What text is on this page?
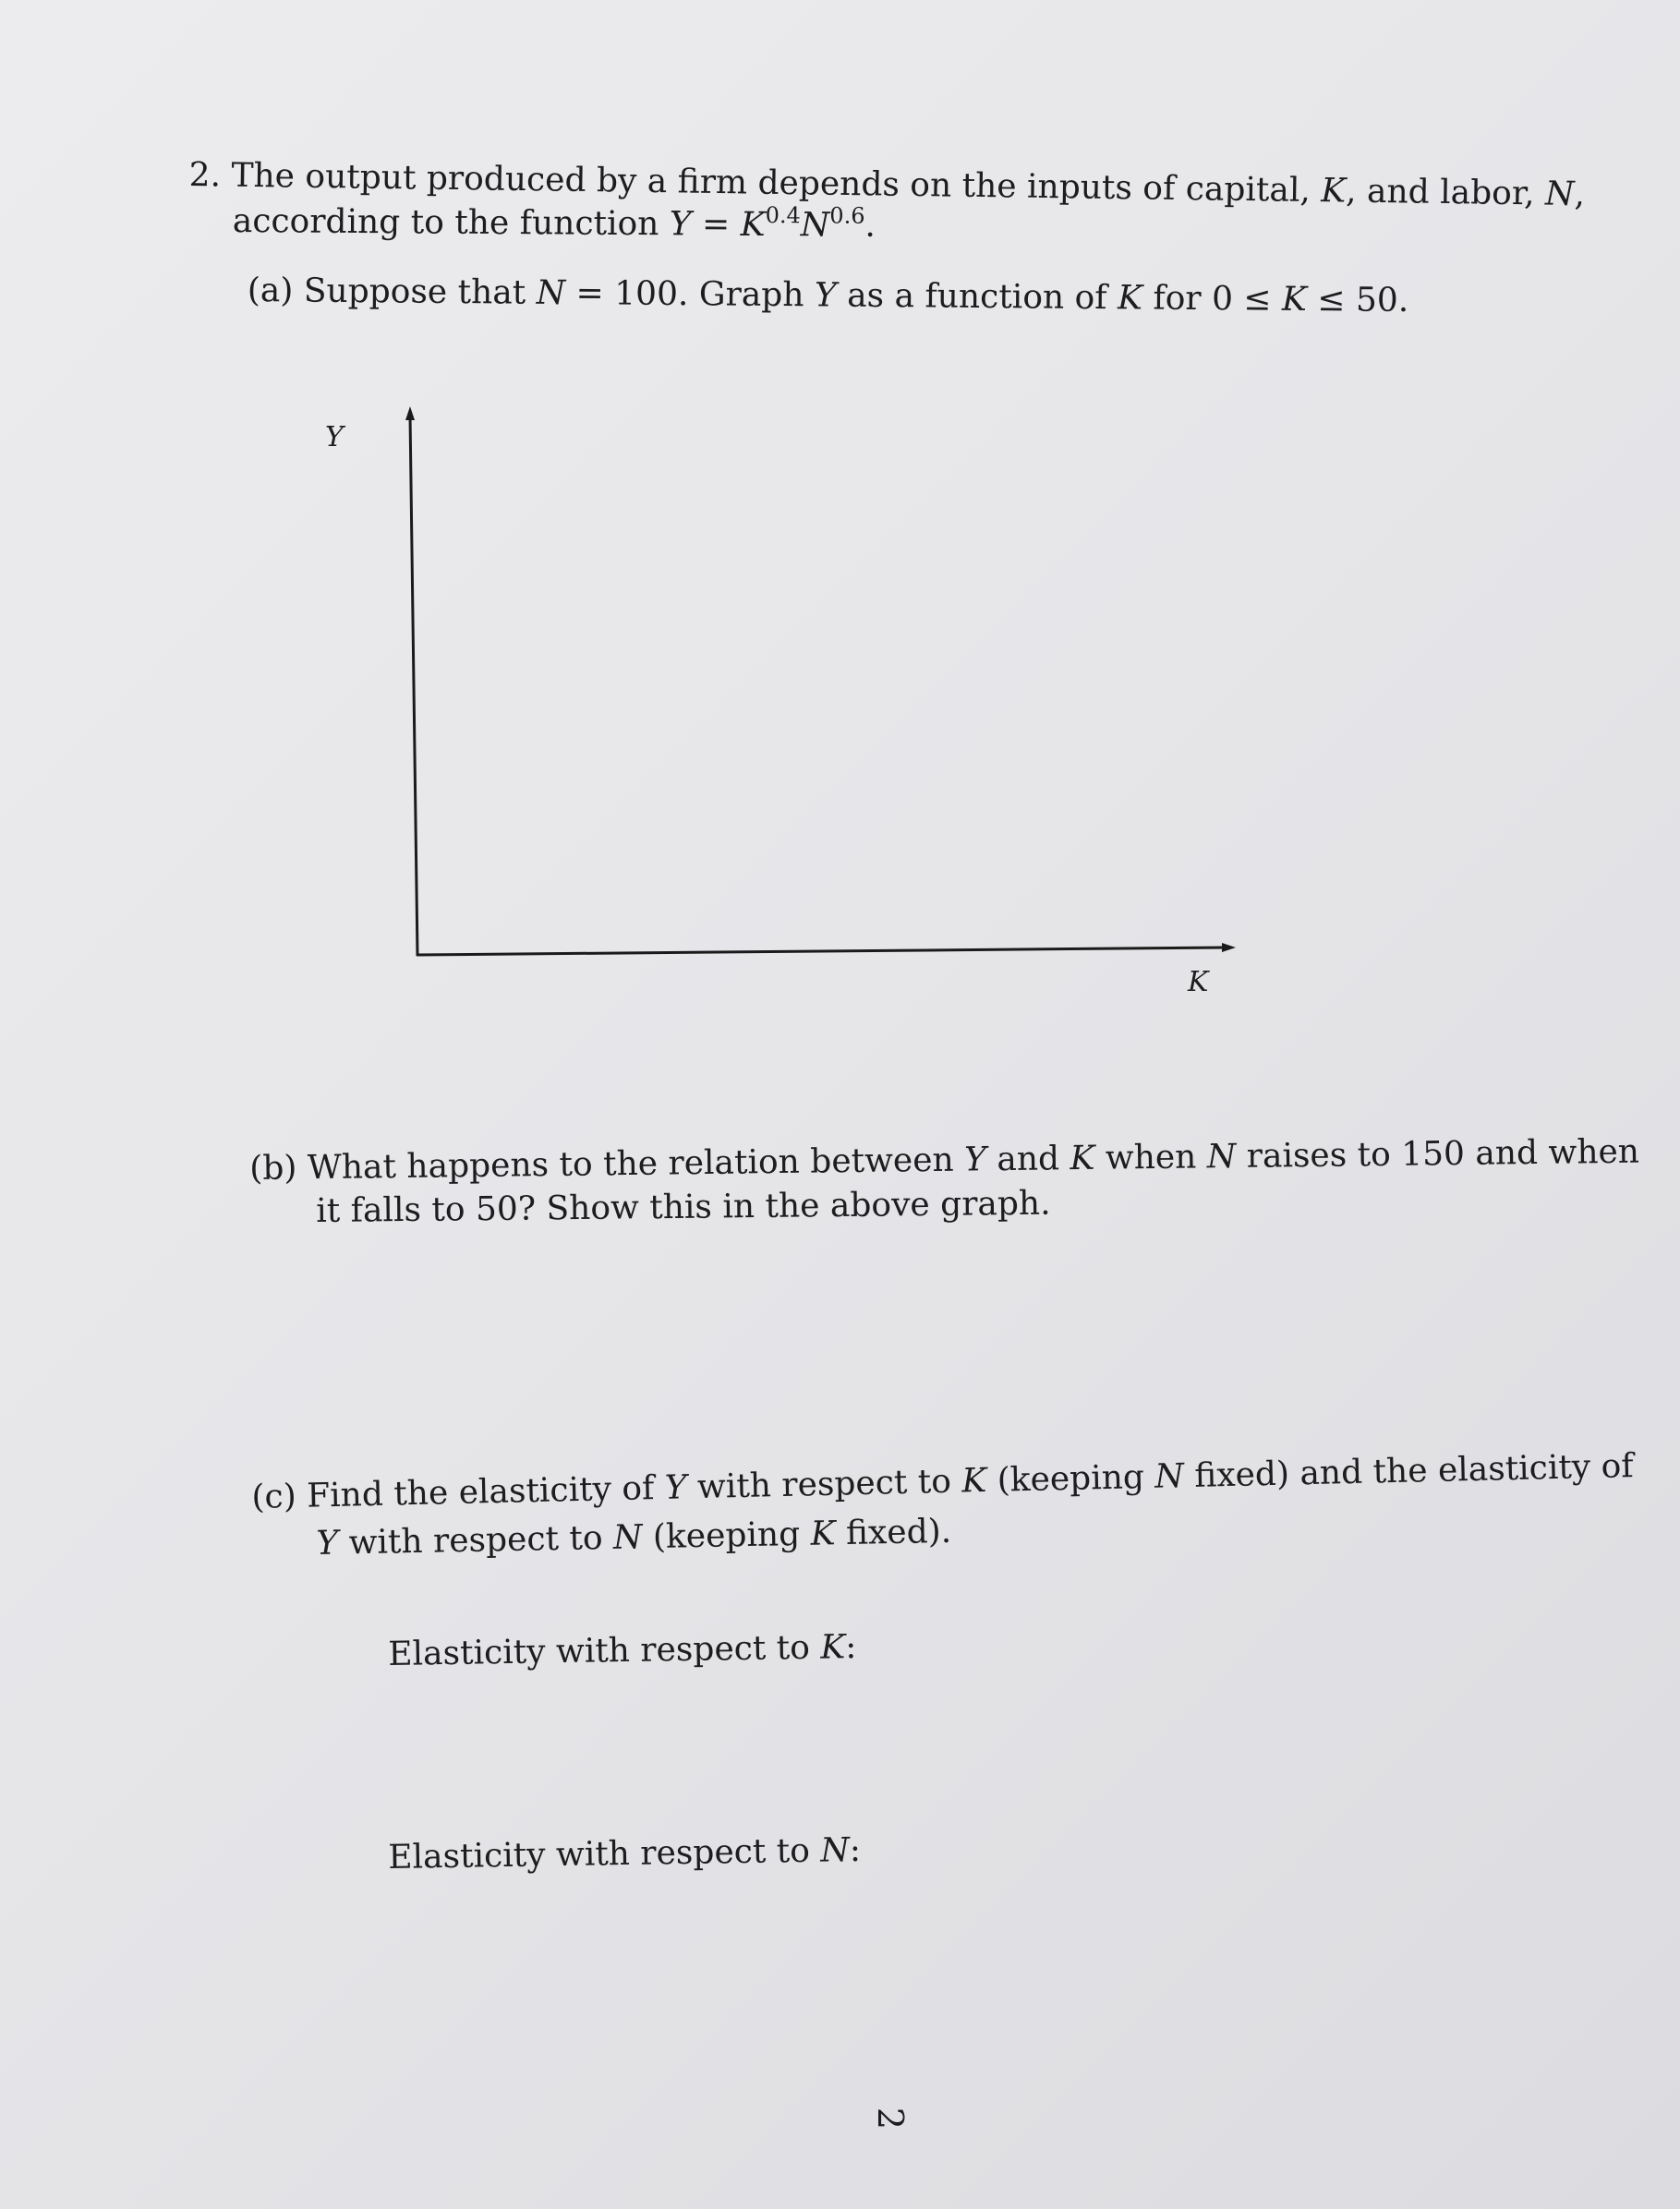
2. The output produced by a firm depends on the inputs of capital, K, and labor, N,
according to the function $Y = K^{0.4}N^{0.6}$.
(a) Suppose that N = 100. Graph Y as a function of K for 0 ≤ K ≤ 50.
Y
K
(b) What happens to the relation between Y and K when N raises to 150 and when
it falls to 50? Show this in the above graph.
(c) Find the elasticity of Y with respect to K (keeping N fixed) and the elasticity of
Y with respect to N (keeping K fixed).
Elasticity with respect to K:
Elasticity with respect to N:
2
